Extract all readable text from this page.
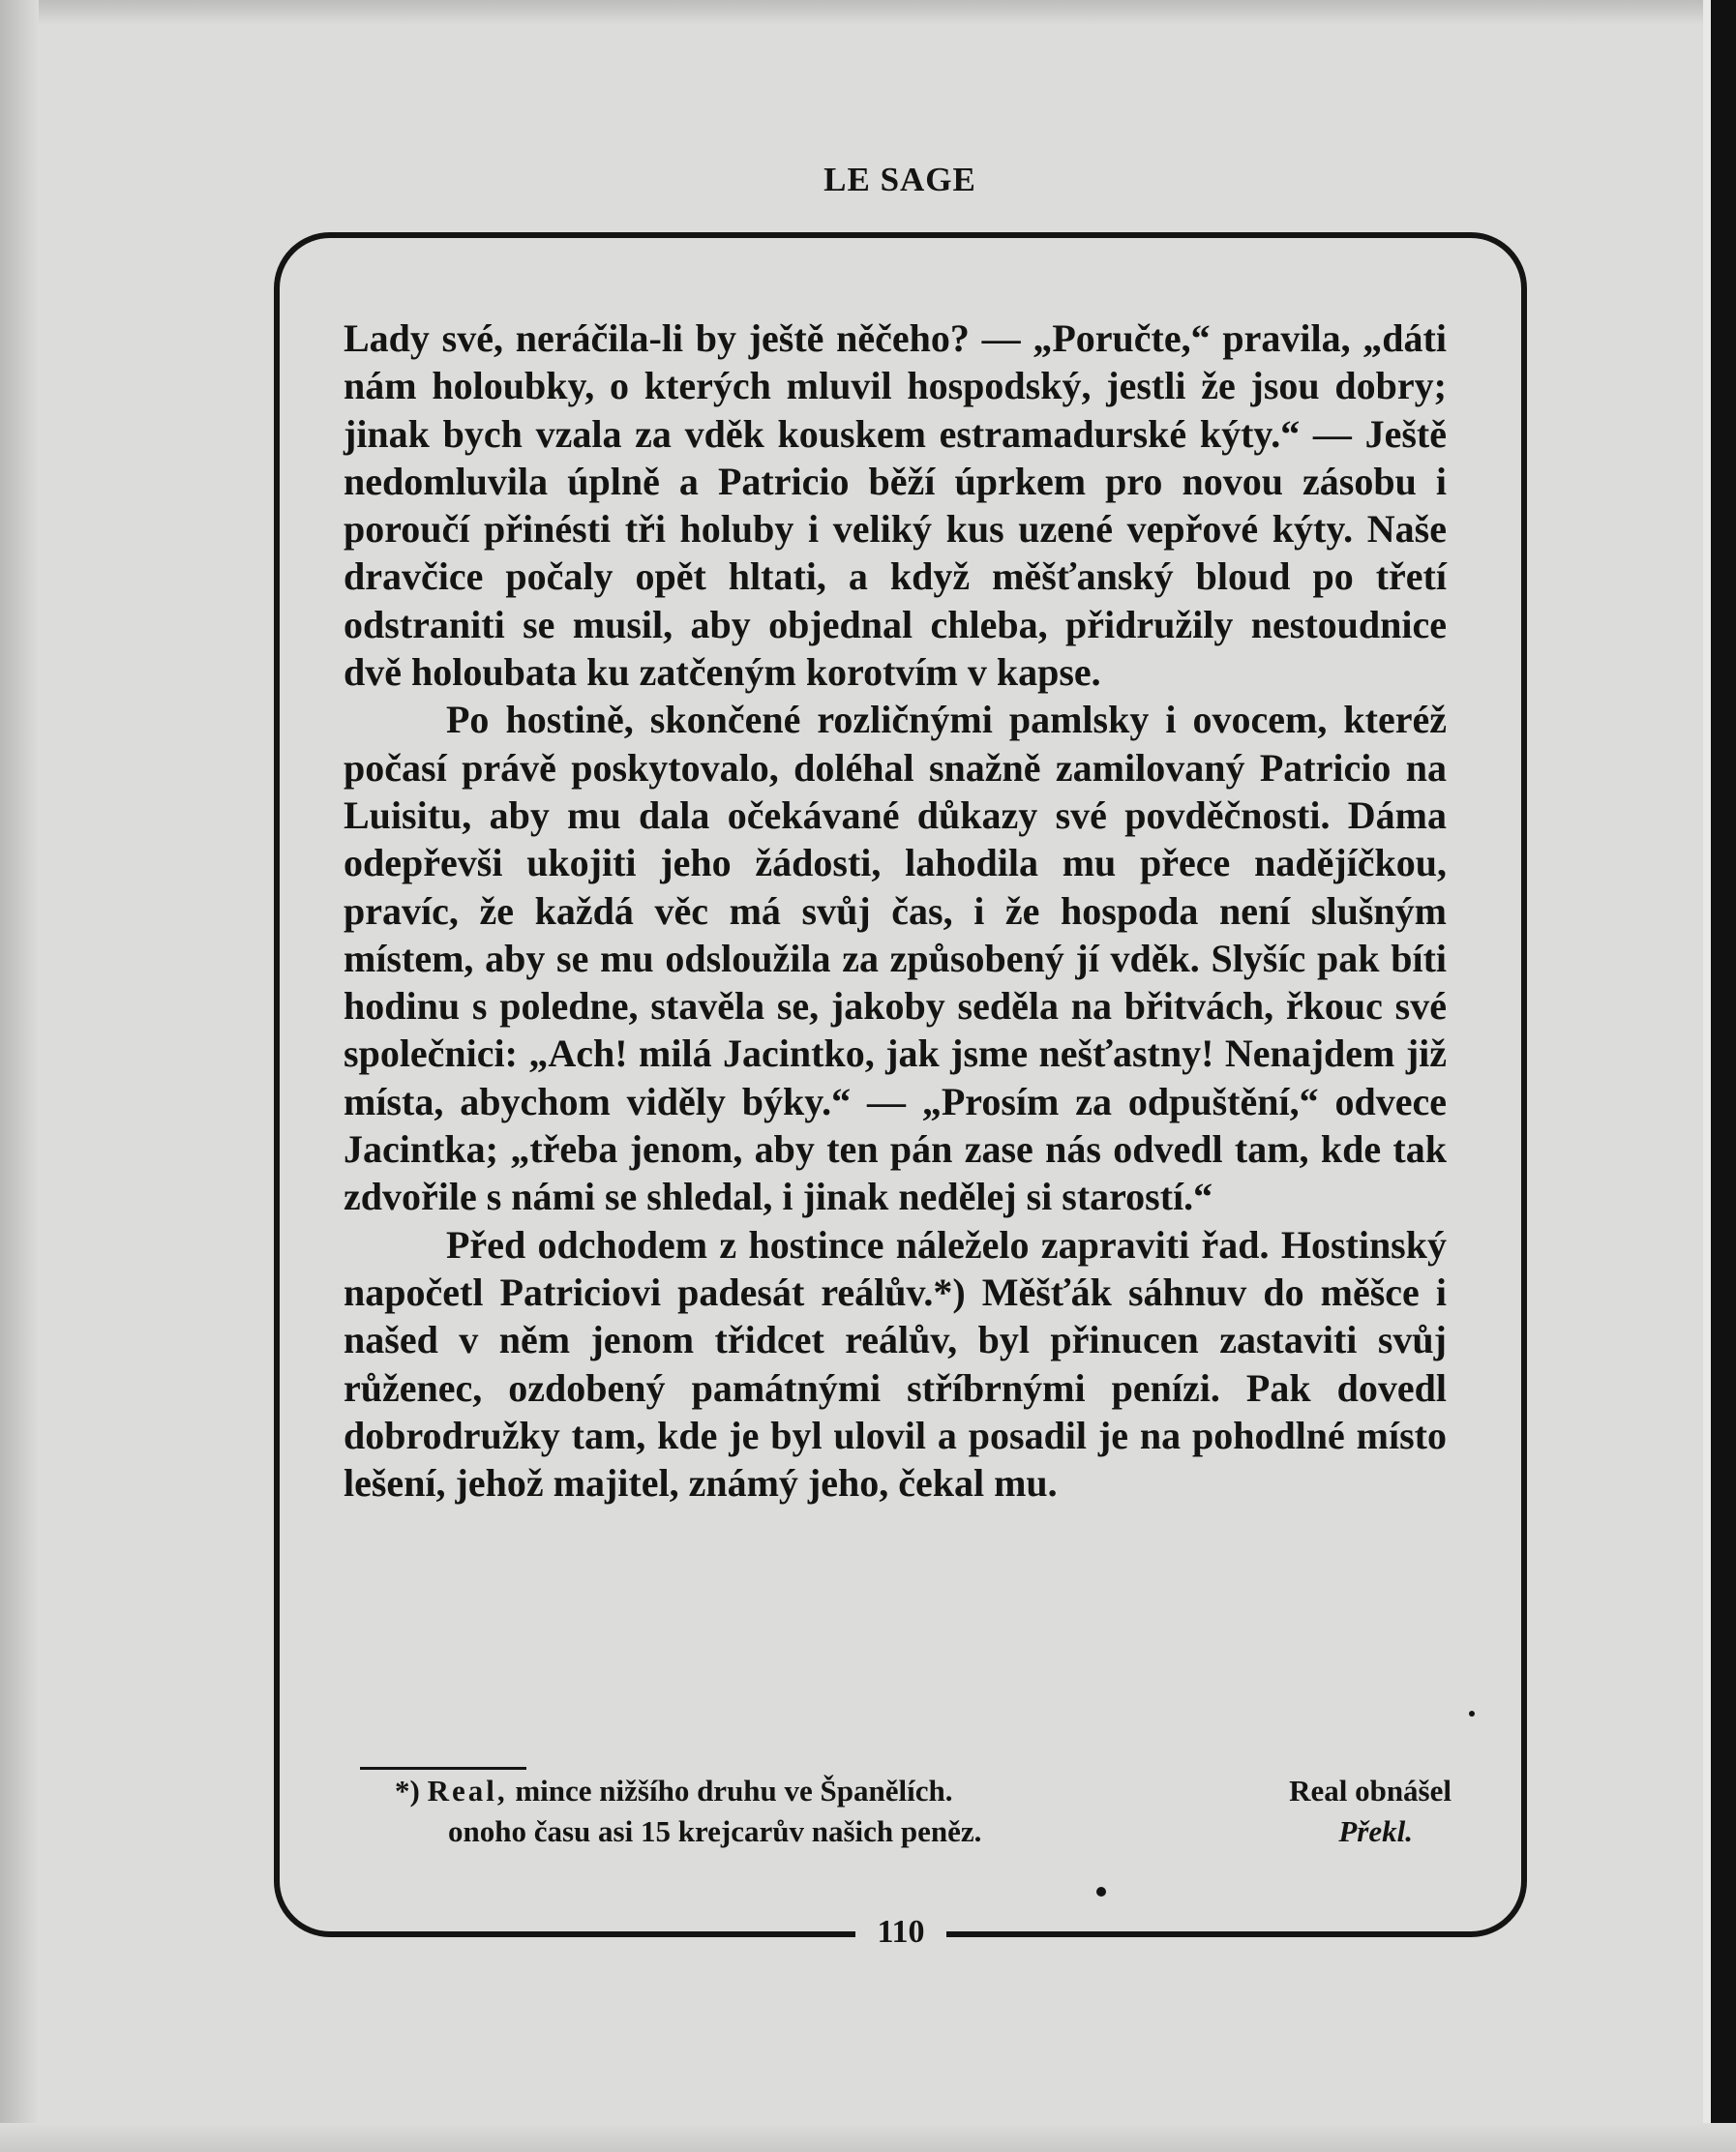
LE SAGE
110

Lady své, neráčila-li by ještě něčeho? — „Poručte,“ pravila, „dáti nám holoubky, o kterých mluvil hospodský, jestli že jsou dobry; jinak bych vzala za vděk kouskem estramadurské kýty.“ — Ještě nedomluvila úplně a Patricio běží úprkem pro novou zásobu i poroučí přinésti tři holuby i veliký kus uzené vepřové kýty. Naše dravčice počaly opět hltati, a když měšťanský bloud po třetí odstraniti se musil, aby objednal chleba, přidružily nestoudnice dvě holoubata ku zatčeným korotvím v kapse.

Po hostině, skončené rozličnými pamlsky i ovocem, kteréž počasí právě poskytovalo, doléhal snažně zamilovaný Patricio na Luisitu, aby mu dala očekávané důkazy své povděčnosti. Dáma odepřevši ukojiti jeho žádosti, lahodila mu přece nadějíčkou, pravíc, že každá věc má svůj čas, i že hospoda není slušným místem, aby se mu odsloužila za způsobený jí vděk. Slyšíc pak bíti hodinu s poledne, stavěla se, jakoby seděla na břitvách, řkouc své společnici: „Ach! milá Jacintko, jak jsme nešťastny! Nenajdem již místa, abychom viděly býky.“ — „Prosím za odpuštění,“ odvece Jacintka; „třeba jenom, aby ten pán zase nás odvedl tam, kde tak zdvořile s námi se shledal, i jinak nedělej si starostí.“

Před odchodem z hostince náleželo zapraviti řad. Hostinský napočetl Patriciovi padesát reálův.*) Měšťák sáhnuv do měšce i našed v něm jenom třidcet reálův, byl přinucen zastaviti svůj růženec, ozdobený památnými stříbrnými penízi. Pak dovedl dobrodružky tam, kde je byl ulovil a posadil je na pohodlné místo lešení, jehož majitel, známý jeho, čekal mu.

*) Real, mince nižšího druhu ve Španělích.	Real obnášel
onoho času asi 15 krejcarův našich peněz.	Překl.
